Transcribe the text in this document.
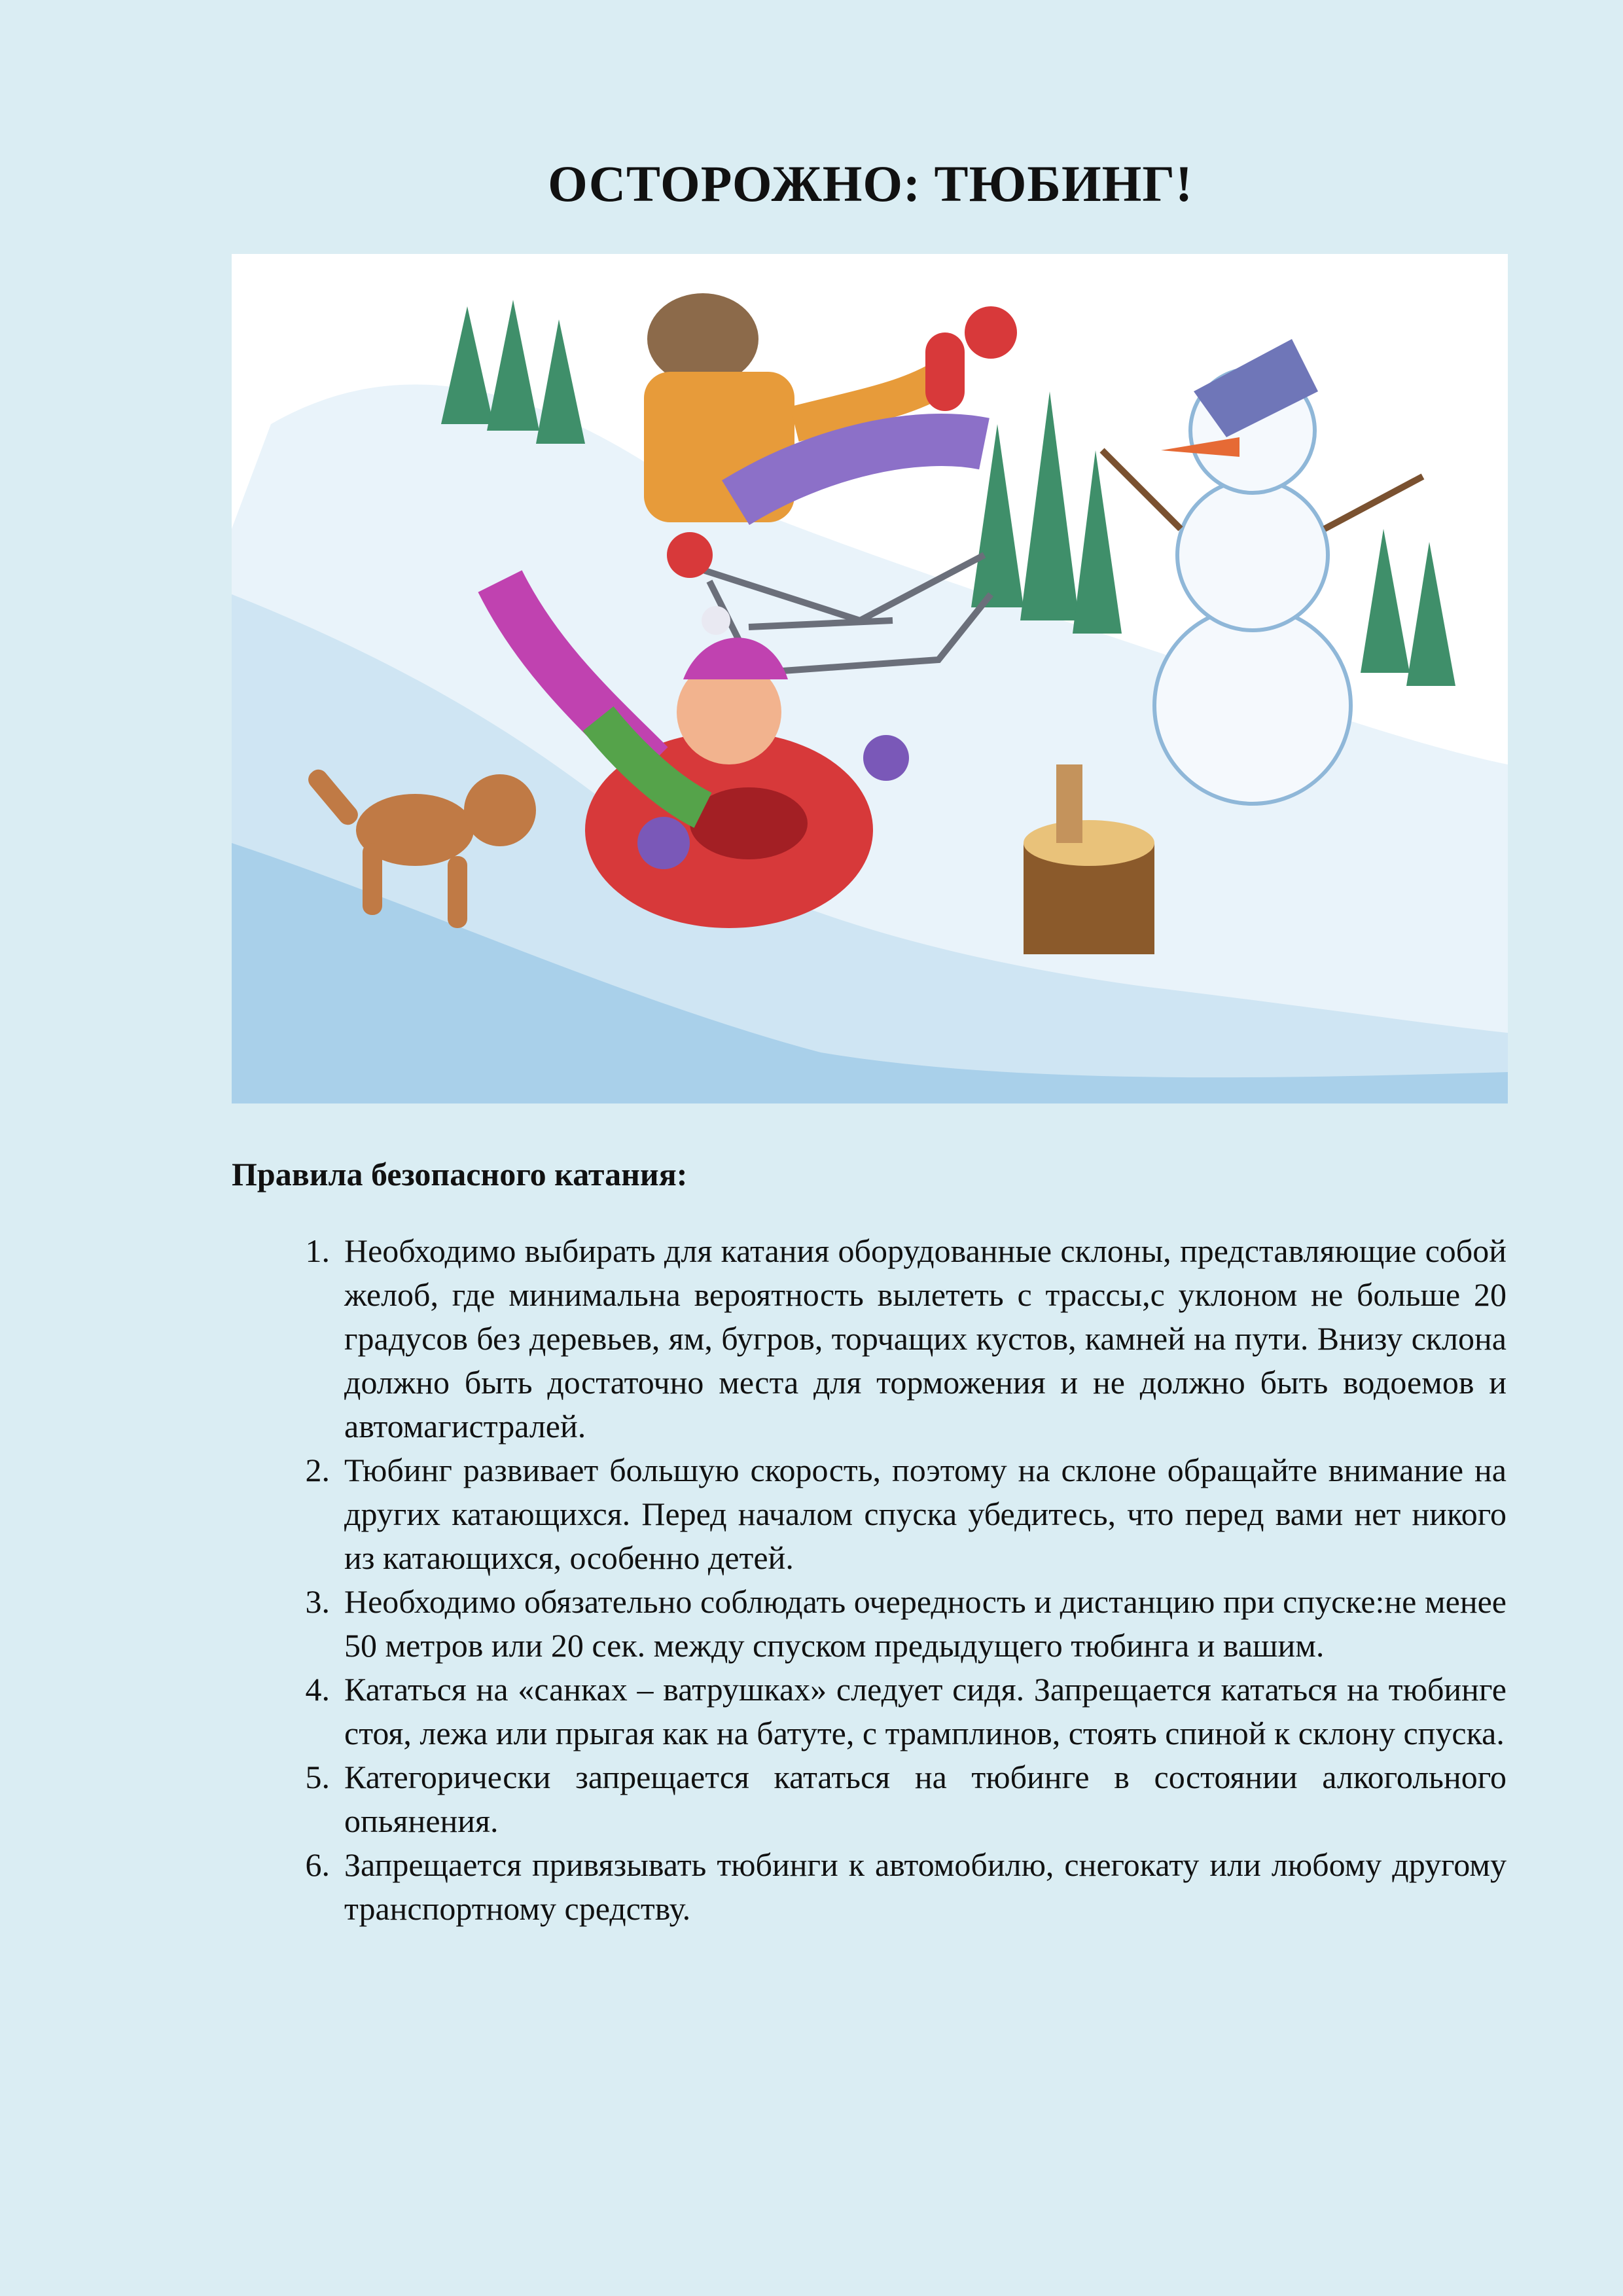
ОСТОРОЖНО: ТЮБИНГ!
Правила безопасного катания:
1. Необходимо выбирать для катания оборудованные склоны, представляющие собой желоб, где минимальна вероятность вылететь с трассы,с уклоном не больше 20 градусов без деревьев, ям, бугров, торчащих кустов, камней на пути. Внизу склона должно быть достаточно места для торможения и не должно быть водоемов и автомагистралей.
2. Тюбинг развивает большую скорость, поэтому на склоне обращайте внимание на других катающихся. Перед началом спуска убедитесь, что перед вами нет никого из катающихся, особенно детей.
3. Необходимо обязательно соблюдать очередность и дистанцию при спуске:не менее 50 метров или 20 сек. между спуском предыдущего тюбинга и вашим.
4. Кататься на «санках – ватрушках» следует сидя. Запрещается кататься на тюбинге стоя, лежа или прыгая как на батуте, с трамплинов, стоять спиной к склону спуска.
5. Категорически запрещается кататься на тюбинге в состоянии алкогольного опьянения.
6. Запрещается привязывать тюбинги к автомобилю, снегокату или любому другому транспортному средству.
